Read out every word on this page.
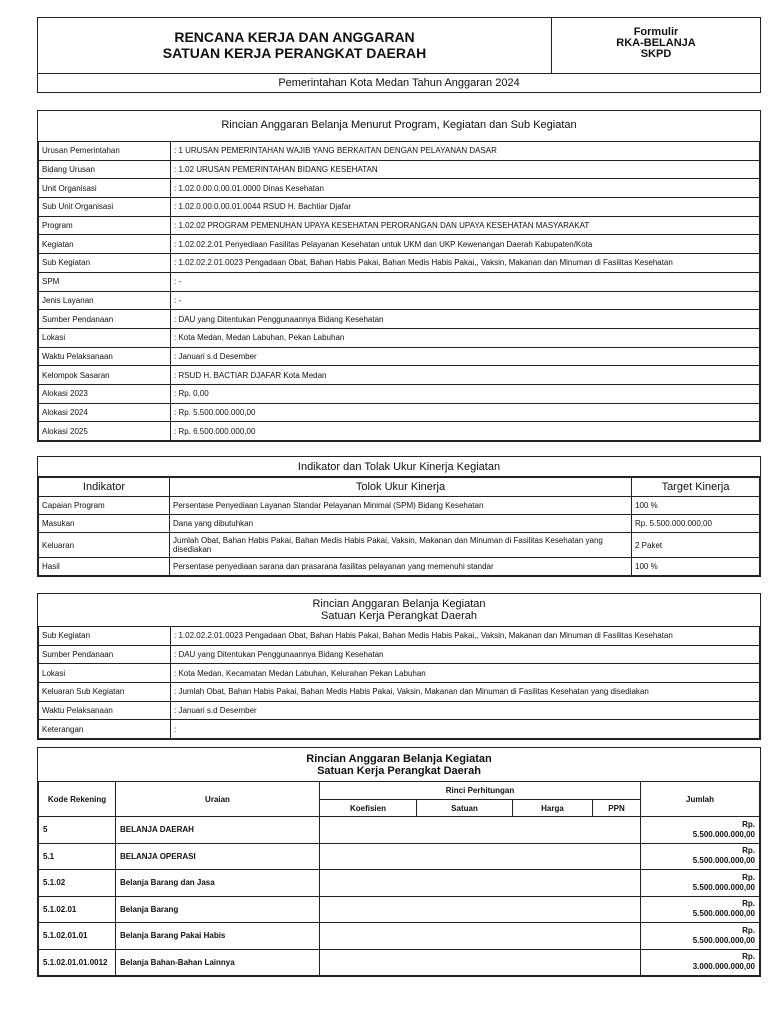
RENCANA KERJA DAN ANGGARAN
SATUAN KERJA PERANGKAT DAERAH
Formulir
RKA-BELANJA
SKPD
Pemerintahan Kota Medan Tahun Anggaran 2024
Rincian Anggaran Belanja Menurut Program, Kegiatan dan Sub Kegiatan
Urusan Pemerintahan	: 1 URUSAN PEMERINTAHAN WAJIB YANG BERKAITAN DENGAN PELAYANAN DASAR
Bidang Urusan	: 1.02 URUSAN PEMERINTAHAN BIDANG KESEHATAN
Unit Organisasi	: 1.02.0.00.0.00.01.0000 Dinas Kesehatan
Sub Unit Organisasi	: 1.02.0.00.0.00.01.0044 RSUD H. Bachtiar Djafar
Program	: 1.02.02 PROGRAM PEMENUHAN UPAYA KESEHATAN PERORANGAN DAN UPAYA KESEHATAN MASYARAKAT
Kegiatan	: 1.02.02.2.01 Penyediaan Fasilitas Pelayanan Kesehatan untuk UKM dan UKP Kewenangan Daerah Kabupaten/Kota
Sub Kegiatan	: 1.02.02.2.01.0023 Pengadaan Obat, Bahan Habis Pakai, Bahan Medis Habis Pakai,, Vaksin, Makanan dan Minuman di Fasilitas Kesehatan
SPM	: -
Jenis Layanan	: -
Sumber Pendanaan	: DAU yang Ditentukan Penggunaannya Bidang Kesehatan
Lokasi	: Kota Medan, Medan Labuhan, Pekan Labuhan
Waktu Pelaksanaan	: Januari s.d Desember
Kelompok Sasaran	: RSUD H. BACTIAR DJAFAR Kota Medan
Alokasi 2023	: Rp. 0,00
Alokasi 2024	: Rp. 5.500.000.000,00
Alokasi 2025	: Rp. 6.500.000.000,00
Indikator dan Tolak Ukur Kinerja Kegiatan
Indikator	Tolok Ukur Kinerja	Target Kinerja
Capaian Program	Persentase Penyediaan Layanan Standar Pelayanan Minimal (SPM) Bidang Kesehatan	100 %
Masukan	Dana yang dibutuhkan	Rp. 5.500.000.000,00
Keluaran	Jumlah Obat, Bahan Habis Pakai, Bahan Medis Habis Pakai, Vaksin, Makanan dan Minuman di Fasilitas Kesehatan yang disediakan	2 Paket
Hasil	Persentase penyediaan sarana dan prasarana fasilitas pelayanan yang memenuhi standar	100 %
Rincian Anggaran Belanja Kegiatan
Satuan Kerja Perangkat Daerah
Sub Kegiatan	: 1.02.02.2.01.0023 Pengadaan Obat, Bahan Habis Pakai, Bahan Medis Habis Pakai,, Vaksin, Makanan dan Minuman di Fasilitas Kesehatan
Sumber Pendanaan	: DAU yang Ditentukan Penggunaannya Bidang Kesehatan
Lokasi	: Kota Medan, Kecamatan Medan Labuhan, Kelurahan Pekan Labuhan
Keluaran Sub Kegiatan	: Jumlah Obat, Bahan Habis Pakai, Bahan Medis Habis Pakai, Vaksin, Makanan dan Minuman di Fasilitas Kesehatan yang disediakan
Waktu Pelaksanaan	: Januari s.d Desember
Keterangan	:
Rincian Anggaran Belanja Kegiatan
Satuan Kerja Perangkat Daerah
Kode Rekening	Uraian	Rinci Perhitungan				Jumlah
		Koefisien	Satuan	Harga	PPN	
5	BELANJA DAERAH					Rp.
5.500.000.000,00

5.1	BELANJA OPERASI					Rp.
5.500.000.000,00

5.1.02	Belanja Barang dan Jasa					Rp.
5.500.000.000,00

5.1.02.01	Belanja Barang					Rp.
5.500.000.000,00

5.1.02.01.01	Belanja Barang Pakai Habis					Rp.
5.500.000.000,00

5.1.02.01.01.0012	Belanja Bahan-Bahan Lainnya					Rp.
3.000.000.000,00
